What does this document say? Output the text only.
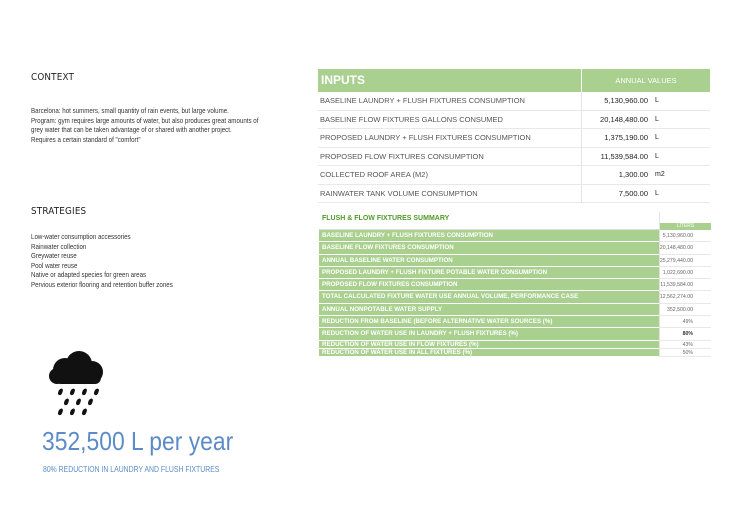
CONTEXT
Barcelona: hot summers, small quantity of rain events, but large volume.
Program: gym requires large amounts of water, but also produces great amounts of
grey water that can be taken advantage of or shared with another project.
Requires a certain standard of "comfort"
STRATEGIES
Low-water consumption accessories
Rainwater collection
Greywater reuse
Pool water reuse
Native or adapted species for green areas
Pervious exterior flooring and retention buffer zones
352,500 L per year
80% REDUCTION IN LAUNDRY AND FLUSH FIXTURES
INPUTS	ANNUAL VALUES
BASELINE LAUNDRY + FLUSH FIXTURES CONSUMPTION	5,130,960.00	L
BASELINE FLOW FIXTURES GALLONS CONSUMED	20,148,480.00	L
PROPOSED LAUNDRY + FLUSH FIXTURES CONSUMPTION	1,375,190.00	L
PROPOSED FLOW FIXTURES CONSUMPTION	11,539,584.00	L
COLLECTED ROOF AREA (M2)	1,300.00	m2
RAINWATER TANK VOLUME CONSUMPTION	7,500.00	L
FLUSH & FLOW FIXTURES SUMMARY
LITERS
BASELINE LAUNDRY + FLUSH FIXTURES CONSUMPTION	5,130,960.00
BASELINE FLOW FIXTURES CONSUMPTION	20,148,480.00
ANNUAL BASELINE WATER CONSUMPTION	25,279,440.00
PROPOSED LAUNDRY + FLUSH FIXTURE POTABLE WATER CONSUMPTION	1,022,690.00
PROPOSED FLOW FIXTURES CONSUMPTION	11,539,584.00
TOTAL CALCULATED FIXTURE WATER USE ANNUAL VOLUME, PERFORMANCE CASE	12,562,274.00
ANNUAL NONPOTABLE WATER SUPPLY	352,500.00
REDUCTION FROM BASELINE (BEFORE ALTERNATIVE WATER SOURCES (%)	49%
REDUCTION OF WATER USE IN LAUNDRY + FLUSH FIXTURES (%)	80%
REDUCTION OF WATER USE IN FLOW FIXTURES (%)	43%
REDUCTION OF WATER USE IN ALL FIXTURES (%)	50%
